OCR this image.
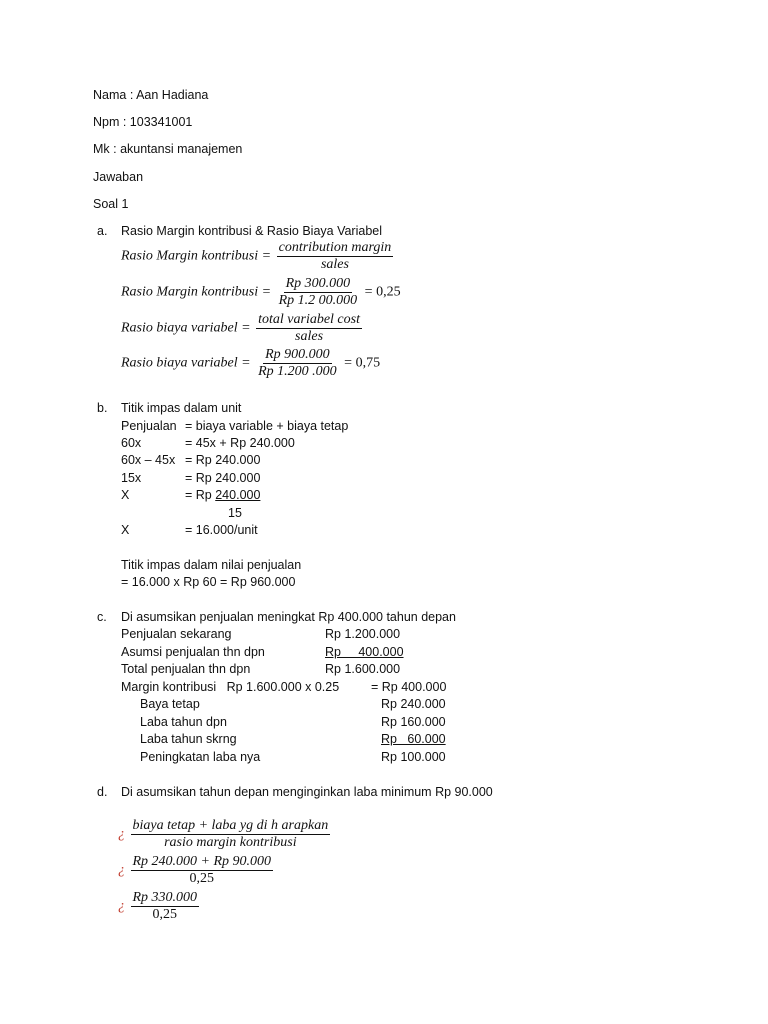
Nama : Aan Hadiana
Npm : 103341001
Mk : akuntansi manajemen
Jawaban
Soal 1
a. Rasio Margin kontribusi & Rasio Biaya Variabel
Rasio Margin kontribusi = $\frac{\text{contribution margin}}{\text{sales}}$
Rasio Margin kontribusi = $\frac{Rp 300.000}{Rp 1.2 00.000} = 0,25$
Rasio biaya variabel = $\frac{\text{total variabel cost}}{\text{sales}}$
Rasio biaya variabel = $\frac{Rp 900.000}{Rp 1.200 .000} = 0,75$
b. Titik impas dalam unit
Penjualan = biaya variable + biaya tetap
60x	= 45x + Rp 240.000
60x – 45x = Rp 240.000
15x	= Rp 240.000
X	= Rp 240.000
15
X	= 16.000/unit
Titik impas dalam nilai penjualan
= 16.000 x Rp 60 = Rp 960.000
c. Di asumsikan penjualan meningkat Rp 400.000 tahun depan
Penjualan sekarang	Rp 1.200.000
Asumsi penjualan thn dpn	Rp     400.000
Total penjualan thn dpn	Rp 1.600.000
Margin kontribusi   Rp 1.600.000 x 0.25	= Rp 400.000
Baya tetap	Rp 240.000
Laba tahun dpn	Rp 160.000
Laba tahun skrng	Rp   60.000
Peningkatan laba nya	Rp 100.000
d. Di asumsikan tahun depan menginginkan laba minimum Rp 90.000
¿ $\frac{\text{biaya tetap + laba yg di h arapkan}}{\text{rasio margin kontribusi}}$
¿ $\frac{Rp 240.000 + Rp 90.000}{0,25}$
¿ $\frac{Rp 330.000}{0,25}$
